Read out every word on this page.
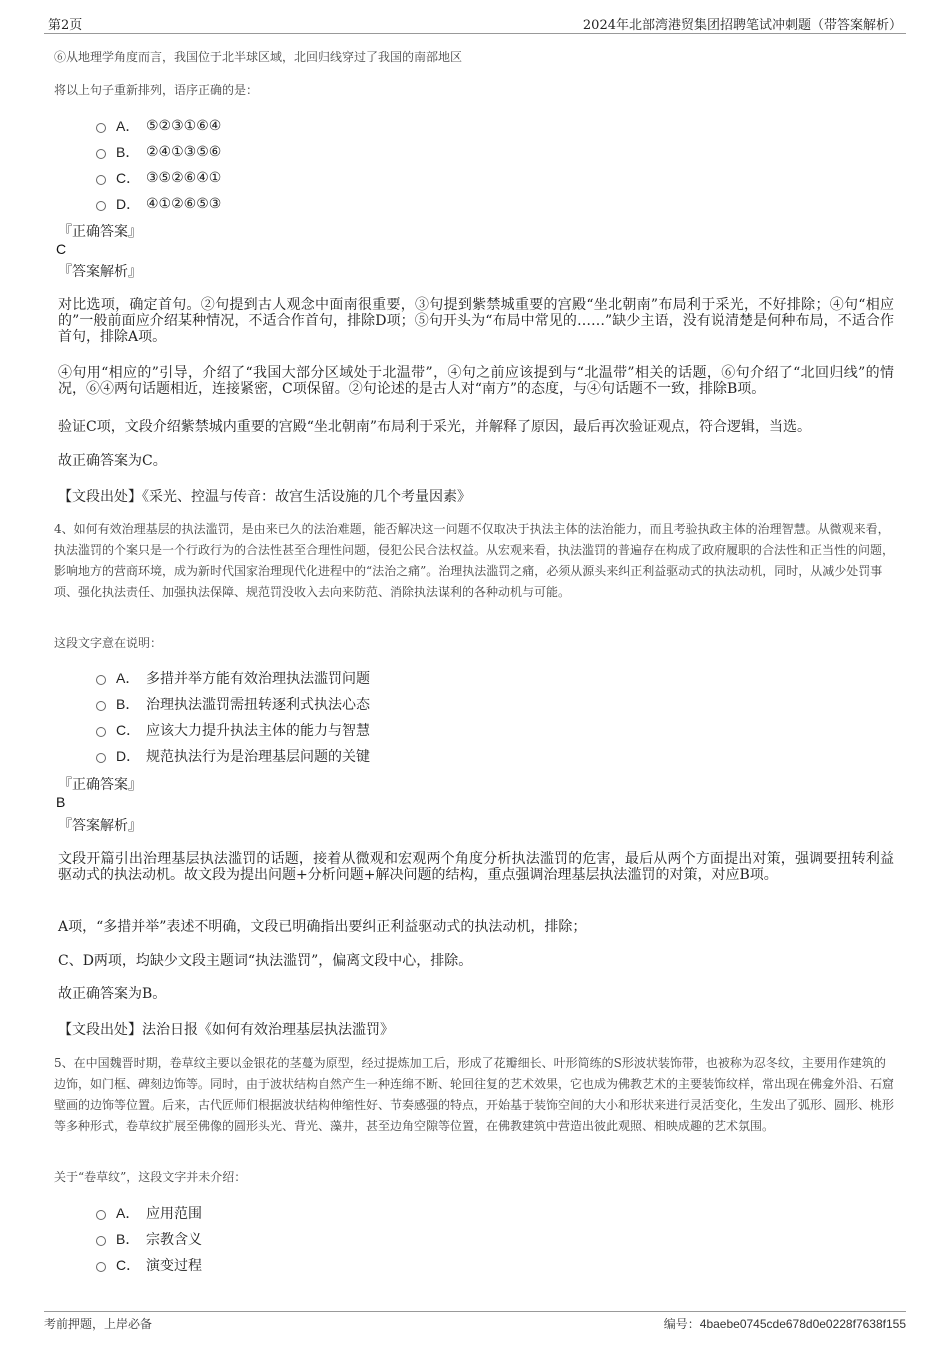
第2页	2024年北部湾港贸集团招聘笔试冲刺题（带答案解析）
⑥从地理学角度而言，我国位于北半球区域，北回归线穿过了我国的南部地区
将以上句子重新排列，语序正确的是：
A． ⑤②③①⑥④
B． ②④①③⑤⑥
C． ③⑤②⑥④①
D． ④①②⑥⑤③
『正确答案』
C
『答案解析』
对比选项，确定首句。②句提到古人观念中面南很重要，③句提到紫禁城重要的宫殿“坐北朝南”布局利于采光，不好排除；④句“相应的”一般前面应介绍某种情况，不适合作首句，排除D项；⑤句开头为“布局中常见的……”缺少主语，没有说清楚是何种布局，不适合作首句，排除A项。
④句用“相应的”引导，介绍了“我国大部分区域处于北温带”，④句之前应该提到与“北温带”相关的话题，⑥句介绍了“北回归线”的情况，⑥④两句话题相近，连接紧密，C项保留。②句论述的是古人对“南方”的态度，与④句话题不一致，排除B项。
验证C项，文段介绍紫禁城内重要的宫殿“坐北朝南”布局利于采光，并解释了原因，最后再次验证观点，符合逻辑，当选。
故正确答案为C。
【文段出处】《采光、控温与传音：故宫生活设施的几个考量因素》
4、如何有效治理基层的执法滥罚，是由来已久的法治难题，能否解决这一问题不仅取决于执法主体的法治能力，而且考验执政主体的治理智慧。从微观来看，执法滥罚的个案只是一个行政行为的合法性甚至合理性问题，侵犯公民合法权益。从宏观来看，执法滥罚的普遍存在构成了政府履职的合法性和正当性的问题，影响地方的营商环境，成为新时代国家治理现代化进程中的“法治之痛”。治理执法滥罚之痛，必须从源头来纠正利益驱动式的执法动机，同时，从减少处罚事项、强化执法责任、加强执法保障、规范罚没收入去向来防范、消除执法谋利的各种动机与可能。
这段文字意在说明：
A． 多措并举方能有效治理执法滥罚问题
B． 治理执法滥罚需扭转逐利式执法心态
C． 应该大力提升执法主体的能力与智慧
D． 规范执法行为是治理基层问题的关键
『正确答案』
B
『答案解析』
文段开篇引出治理基层执法滥罚的话题，接着从微观和宏观两个角度分析执法滥罚的危害，最后从两个方面提出对策，强调要扭转利益驱动式的执法动机。故文段为提出问题+分析问题+解决问题的结构，重点强调治理基层执法滥罚的对策，对应B项。
A项，“多措并举”表述不明确，文段已明确指出要纠正利益驱动式的执法动机，排除；
C、D两项，均缺少文段主题词“执法滥罚”，偏离文段中心，排除。
故正确答案为B。
【文段出处】法治日报《如何有效治理基层执法滥罚》
5、在中国魏晋时期，卷草纹主要以金银花的茎蔓为原型，经过提炼加工后，形成了花瓣细长、叶形简练的S形波状装饰带，也被称为忍冬纹，主要用作建筑的边饰，如门框、碑刻边饰等。同时，由于波状结构自然产生一种连绵不断、轮回往复的艺术效果，它也成为佛教艺术的主要装饰纹样，常出现在佛龛外沿、石窟壁画的边饰等位置。后来，古代匠师们根据波状结构伸缩性好、节奏感强的特点，开始基于装饰空间的大小和形状来进行灵活变化，生发出了弧形、圆形、桃形等多种形式，卷草纹扩展至佛像的圆形头光、背光、藻井，甚至边角空隙等位置，在佛教建筑中营造出彼此观照、相映成趣的艺术氛围。
关于“卷草纹”，这段文字并未介绍：
A． 应用范围
B． 宗教含义
C． 演变过程
考前押题，上岸必备	编号：4baebe0745cde678d0e0228f7638f155
